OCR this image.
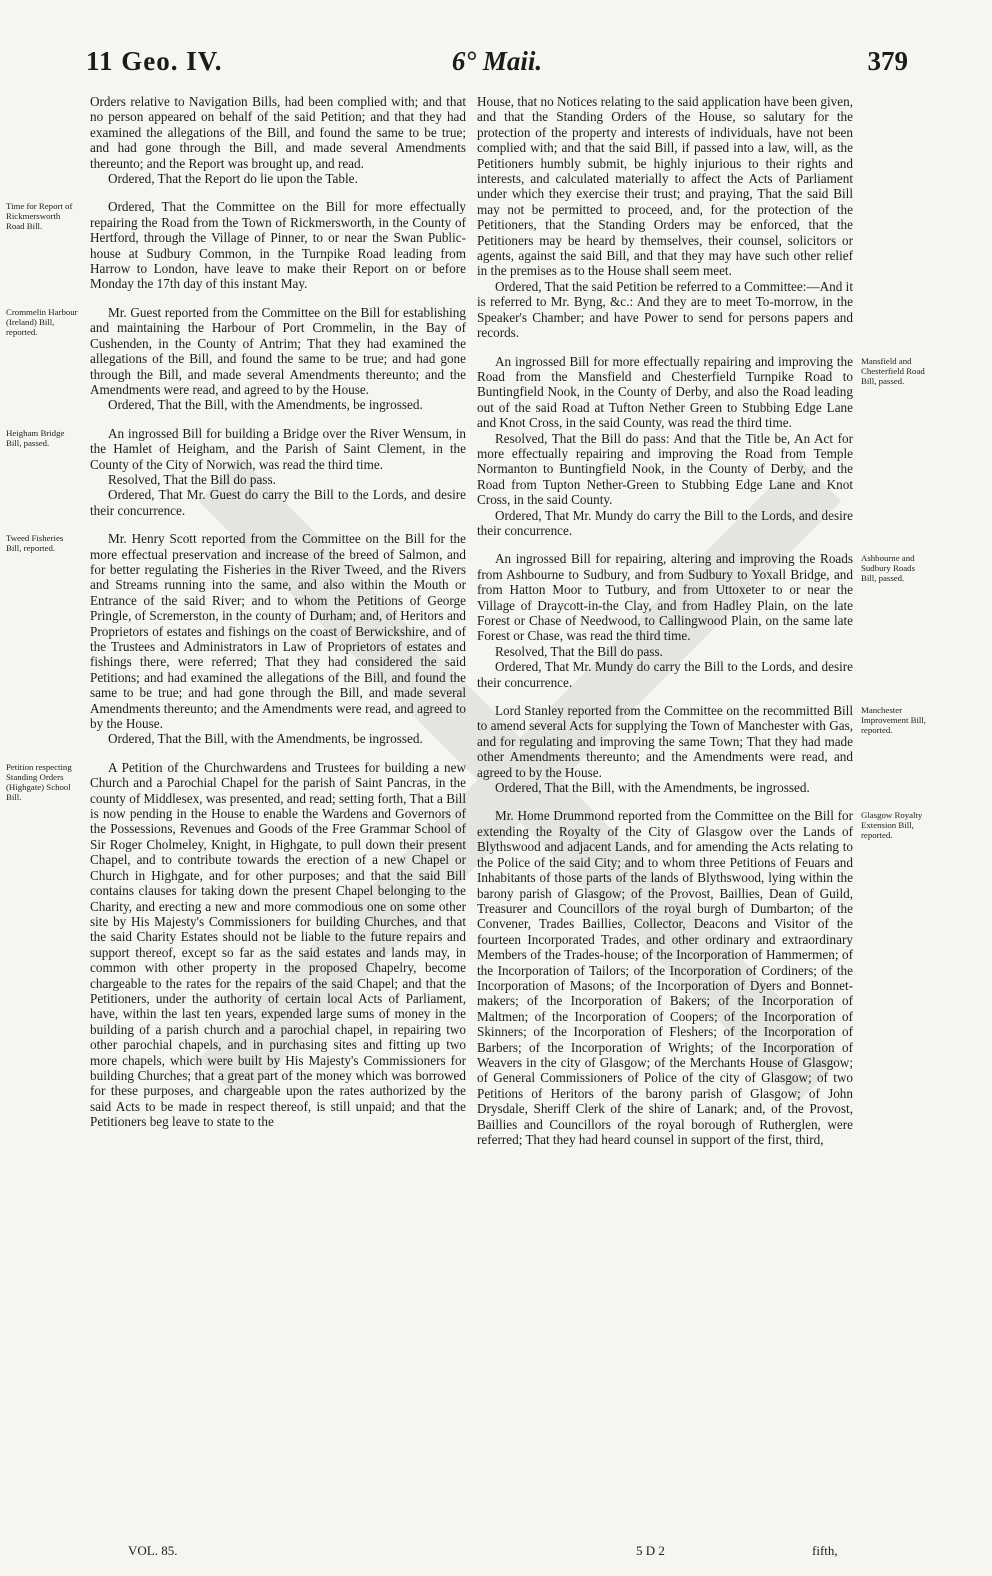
11 Geo. IV.	6° Maii.	379

Orders relative to Navigation Bills, had been complied with; and that no person appeared on behalf of the said Petition; and that they had examined the allegations of the Bill, and found the same to be true; and had gone through the Bill, and made several Amendments thereunto; and the Report was brought up, and read.

Ordered, That the Report do lie upon the Table.

Time for Report of Rickmersworth Road Bill.

Ordered, That the Committee on the Bill for more effectually repairing the Road from the Town of Rickmersworth, in the County of Hertford, through the Village of Pinner, to or near the Swan Public-house at Sudbury Common, in the Turnpike Road leading from Harrow to London, have leave to make their Report on or before Monday the 17th day of this instant May.

Crommelin Harbour (Ireland) Bill, reported.

Mr. Guest reported from the Committee on the Bill for establishing and maintaining the Harbour of Port Crommelin, in the Bay of Cushenden, in the County of Antrim; That they had examined the allegations of the Bill, and found the same to be true; and had gone through the Bill, and made several Amendments thereunto; and the Amendments were read, and agreed to by the House.

Ordered, That the Bill, with the Amendments, be ingrossed.

Heigham Bridge Bill, passed.

An ingrossed Bill for building a Bridge over the River Wensum, in the Hamlet of Heigham, and the Parish of Saint Clement, in the County of the City of Norwich, was read the third time.

Resolved, That the Bill do pass.

Ordered, That Mr. Guest do carry the Bill to the Lords, and desire their concurrence.

Tweed Fisheries Bill, reported.

Mr. Henry Scott reported from the Committee on the Bill for the more effectual preservation and increase of the breed of Salmon, and for better regulating the Fisheries in the River Tweed, and the Rivers and Streams running into the same, and also within the Mouth or Entrance of the said River; and to whom the Petitions of George Pringle, of Scremerston, in the county of Durham; and, of Heritors and Proprietors of estates and fishings on the coast of Berwickshire, and of the Trustees and Administrators in Law of Proprietors of estates and fishings there, were referred; That they had considered the said Petitions; and had examined the allegations of the Bill, and found the same to be true; and had gone through the Bill, and made several Amendments thereunto; and the Amendments were read, and agreed to by the House.

Ordered, That the Bill, with the Amendments, be ingrossed.

Petition respecting Standing Orders (Highgate) School Bill.

A Petition of the Churchwardens and Trustees for building a new Church and a Parochial Chapel for the parish of Saint Pancras, in the county of Middlesex, was presented, and read; setting forth, That a Bill is now pending in the House to enable the Wardens and Governors of the Possessions, Revenues and Goods of the Free Grammar School of Sir Roger Cholmeley, Knight, in Highgate, to pull down their present Chapel, and to contribute towards the erection of a new Chapel or Church in Highgate, and for other purposes; and that the said Bill contains clauses for taking down the present Chapel belonging to the Charity, and erecting a new and more commodious one on some other site by His Majesty's Commissioners for building Churches, and that the said Charity Estates should not be liable to the future repairs and support thereof, except so far as the said estates and lands may, in common with other property in the proposed Chapelry, become chargeable to the rates for the repairs of the said Chapel; and that the Petitioners, under the authority of certain local Acts of Parliament, have, within the last ten years, expended large sums of money in the building of a parish church and a parochial chapel, in repairing two other parochial chapels, and in purchasing sites and fitting up two more chapels, which were built by His Majesty's Commissioners for building Churches; that a great part of the money which was borrowed for these purposes, and chargeable upon the rates authorized by the said Acts to be made in respect thereof, is still unpaid; and that the Petitioners beg leave to state to the

House, that no Notices relating to the said application have been given, and that the Standing Orders of the House, so salutary for the protection of the property and interests of individuals, have not been complied with; and that the said Bill, if passed into a law, will, as the Petitioners humbly submit, be highly injurious to their rights and interests, and calculated materially to affect the Acts of Parliament under which they exercise their trust; and praying, That the said Bill may not be permitted to proceed, and, for the protection of the Petitioners, that the Standing Orders may be enforced, that the Petitioners may be heard by themselves, their counsel, solicitors or agents, against the said Bill, and that they may have such other relief in the premises as to the House shall seem meet.

Ordered, That the said Petition be referred to a Committee:—And it is referred to Mr. Byng, &c.: And they are to meet To-morrow, in the Speaker's Chamber; and have Power to send for persons papers and records.

Mansfield and Chesterfield Road Bill, passed.

An ingrossed Bill for more effectually repairing and improving the Road from the Mansfield and Chesterfield Turnpike Road to Buntingfield Nook, in the County of Derby, and also the Road leading out of the said Road at Tufton Nether Green to Stubbing Edge Lane and Knot Cross, in the said County, was read the third time.

Resolved, That the Bill do pass: And that the Title be, An Act for more effectually repairing and improving the Road from Temple Normanton to Buntingfield Nook, in the County of Derby, and the Road from Tupton Nether-Green to Stubbing Edge Lane and Knot Cross, in the said County.

Ordered, That Mr. Mundy do carry the Bill to the Lords, and desire their concurrence.

Ashbourne and Sudbury Roads Bill, passed.

An ingrossed Bill for repairing, altering and improving the Roads from Ashbourne to Sudbury, and from Sudbury to Yoxall Bridge, and from Hatton Moor to Tutbury, and from Uttoxeter to or near the Village of Draycott-in-the Clay, and from Hadley Plain, on the late Forest or Chase of Needwood, to Callingwood Plain, on the same late Forest or Chase, was read the third time.

Resolved, That the Bill do pass.

Ordered, That Mr. Mundy do carry the Bill to the Lords, and desire their concurrence.

Manchester Improvement Bill, reported.

Lord Stanley reported from the Committee on the recommitted Bill to amend several Acts for supplying the Town of Manchester with Gas, and for regulating and improving the same Town; That they had made other Amendments thereunto; and the Amendments were read, and agreed to by the House.

Ordered, That the Bill, with the Amendments, be ingrossed.

Glasgow Royalty Extension Bill, reported.

Mr. Home Drummond reported from the Committee on the Bill for extending the Royalty of the City of Glasgow over the Lands of Blythswood and adjacent Lands, and for amending the Acts relating to the Police of the said City; and to whom three Petitions of Feuars and Inhabitants of those parts of the lands of Blythswood, lying within the barony parish of Glasgow; of the Provost, Baillies, Dean of Guild, Treasurer and Councillors of the royal burgh of Dumbarton; of the Convener, Trades Baillies, Collector, Deacons and Visitor of the fourteen Incorporated Trades, and other ordinary and extraordinary Members of the Trades-house; of the Incorporation of Hammermen; of the Incorporation of Tailors; of the Incorporation of Cordiners; of the Incorporation of Masons; of the Incorporation of Dyers and Bonnet-makers; of the Incorporation of Bakers; of the Incorporation of Maltmen; of the Incorporation of Coopers; of the Incorporation of Skinners; of the Incorporation of Fleshers; of the Incorporation of Barbers; of the Incorporation of Wrights; of the Incorporation of Weavers in the city of Glasgow; of the Merchants House of Glasgow; of General Commissioners of Police of the city of Glasgow; of two Petitions of Heritors of the barony parish of Glasgow; of John Drysdale, Sheriff Clerk of the shire of Lanark; and, of the Provost, Baillies and Councillors of the royal borough of Rutherglen, were referred; That they had heard counsel in support of the first, third,

VOL. 85.	5 D 2	fifth,
